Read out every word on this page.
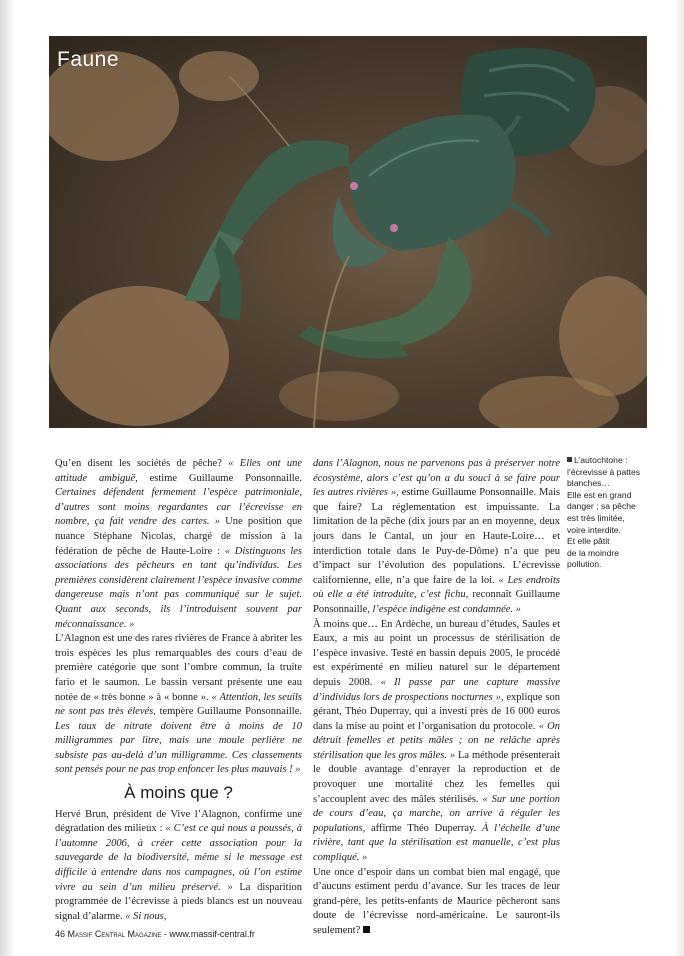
Faune

L’autochtone :

l’écrevisse à pattes

blanches…

Elle est en grand

danger ; sa pêche

est très limitée,

voire interdite.

Et elle pâtit

de la moindre

pollution.

Qu’en disent les sociétés de pêche? « Elles ont une attitude ambiguë, estime Guillaume Ponsonnaille. Certaines défendent fermement l’espèce patrimoniale, d’autres sont moins regardantes car l’écrevisse en nombre, ça fait vendre des cartes. » Une position que nuance Stéphane Nicolas, chargé de mission à la fédération de pêche de Haute-Loire : « Distinguons les associations des pêcheurs en tant qu’individus. Les premières considèrent clairement l’espèce invasive comme dangereuse mais n’ont pas communiqué sur le sujet. Quant aux seconds, ils l’introduisent souvent par méconnaissance. »

L’Alagnon est une des rares rivières de France à abriter les trois espèces les plus remarquables des cours d’eau de première catégorie que sont l’ombre commun, la truite fario et le saumon. Le bassin versant présente une eau notée de « très bonne » à « bonne ». « Attention, les seuils ne sont pas très élevés, tempère Guillaume Ponsonnaille. Les taux de nitrate doivent être à moins de 10 milligrammes par litre, mais une moule perlière ne subsiste pas au-delà d’un milligramme. Ces classements sont pensés pour ne pas trop enfoncer les plus mauvais ! »

À moins que ?

Hervé Brun, président de Vive l’Alagnon, confirme une dégradation des milieux : « C’est ce qui nous a poussés, à l’automne 2006, à créer cette association pour la sauvegarde de la biodiversité, même si le message est difficile à entendre dans nos campagnes, où l’on estime vivre au sein d’un milieu préservé. » La disparition programmée de l’écrevisse à pieds blancs est un nouveau signal d’alarme. « Si nous,

dans l’Alagnon, nous ne parvenons pas à préserver notre écosystème, alors c’est qu’on a du souci à se faire pour les autres rivières », estime Guillaume Ponsonnaille. Mais que faire? La réglementation est impuissante. La limitation de la pêche (dix jours par an en moyenne, deux jours dans le Cantal, un jour en Haute-Loire… et interdiction totale dans le Puy-de-Dôme) n’a que peu d’impact sur l’évolution des populations. L’écrevisse californienne, elle, n’a que faire de la loi. « Les endroits où elle a été introduite, c’est fichu, reconnaît Guillaume Ponsonnaille, l’espèce indigène est condamnée. »

À moins que… En Ardèche, un bureau d’études, Saules et Eaux, a mis au point un processus de stérilisation de l’espèce invasive. Testé en bassin depuis 2005, le procédé est expérimenté en milieu naturel sur le département depuis 2008. « Il passe par une capture massive d’individus lors de prospections nocturnes », explique son gérant, Théo Duperray, qui a investi près de 16 000 euros dans la mise au point et l’organisation du protocole. « On détruit femelles et petits mâles ; on ne relâche après stérilisation que les gros mâles. » La méthode présenterait le double avantage d’enrayer la reproduction et de provoquer une mortalité chez les femelles qui s’accouplent avec des mâles stérilisés. « Sur une portion de cours d’eau, ça marche, on arrive à réguler les populations, affirme Théo Duperray. À l’échelle d’une rivière, tant que la stérilisation est manuelle, c’est plus compliqué. »

Une once d’espoir dans un combat bien mal engagé, que d’aucuns estiment perdu d’avance. Sur les traces de leur grand-père, les petits-enfants de Maurice pêcheront sans doute de l’écrevisse nord-américaine. Le sauront-ils seulement?

46 Massif Central Magazine - www.massif-central.fr
